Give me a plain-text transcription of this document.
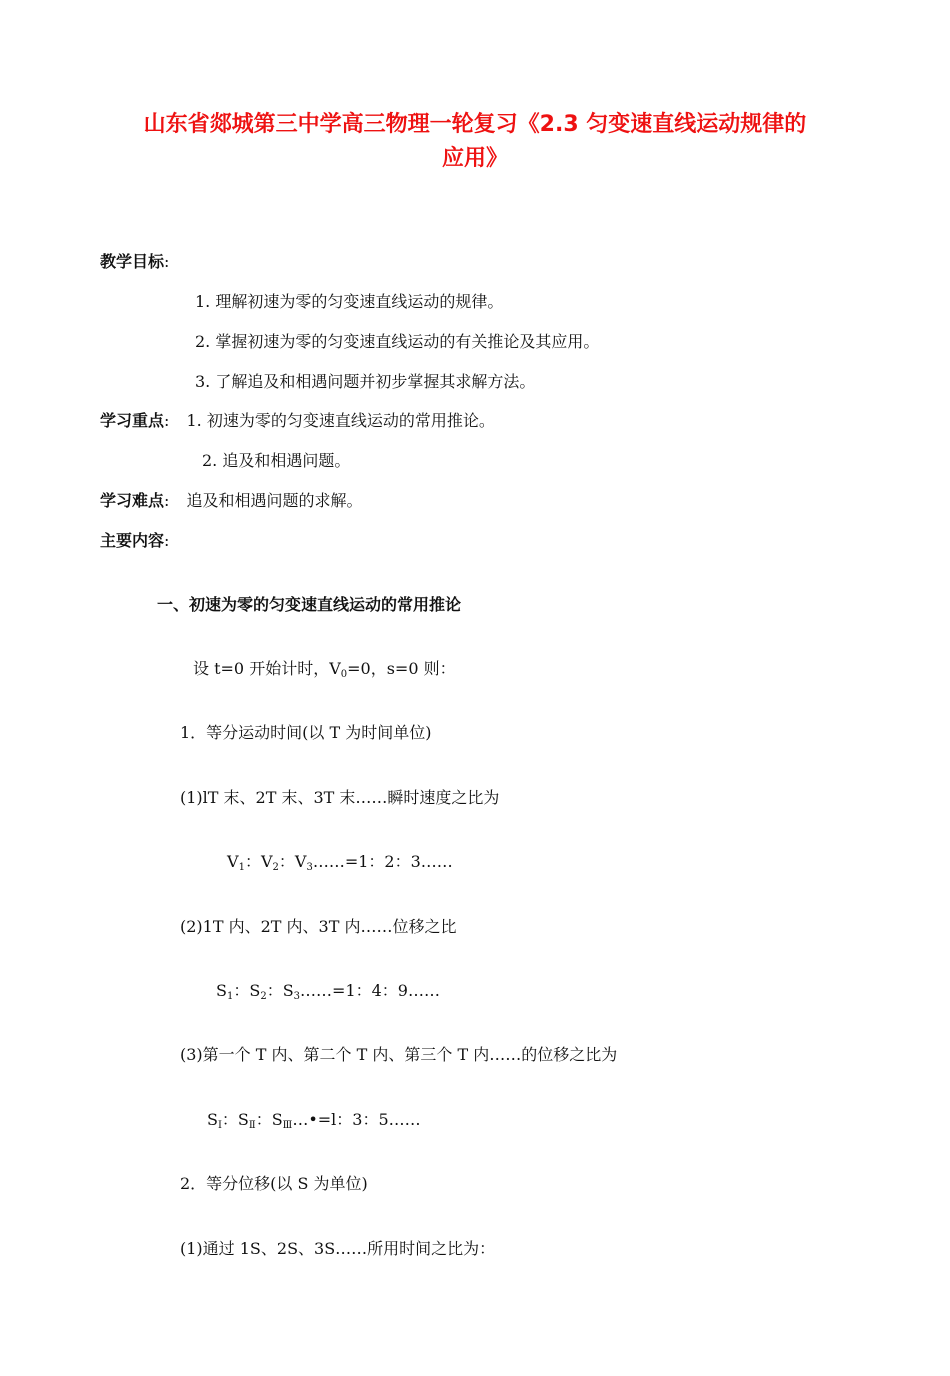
山东省郯城第三中学高三物理一轮复习《2.3 匀变速直线运动规律的
应用》
教学目标:
1. 理解初速为零的匀变速直线运动的规律。
2. 掌握初速为零的匀变速直线运动的有关推论及其应用。
3. 了解追及和相遇问题并初步掌握其求解方法。
学习重点: 1. 初速为零的匀变速直线运动的常用推论。
2. 追及和相遇问题。
学习难点: 追及和相遇问题的求解。
主要内容:
一、初速为零的匀变速直线运动的常用推论
设 t=0 开始计时，$V_0=0$，s=0 则：
1．等分运动时间(以 T 为时间单位)
(1)lT 末、2T 末、3T 末……瞬时速度之比为
$V_1$：$V_2$：$V_3\dots\dots=1$：2：3……
(2)1T 内、2T 内、3T 内……位移之比
$S_1$：$S_2$：$S_3\dots\dots=1$：4：9……
(3)第一个 T 内、第二个 T 内、第三个 T 内……的位移之比为
$S_Ⅰ$：$S_Ⅱ$：$S_Ⅲ\dots•=l$：3：5……
2．等分位移(以 S 为单位)
(1)通过 1S、2S、3S……所用时间之比为：
